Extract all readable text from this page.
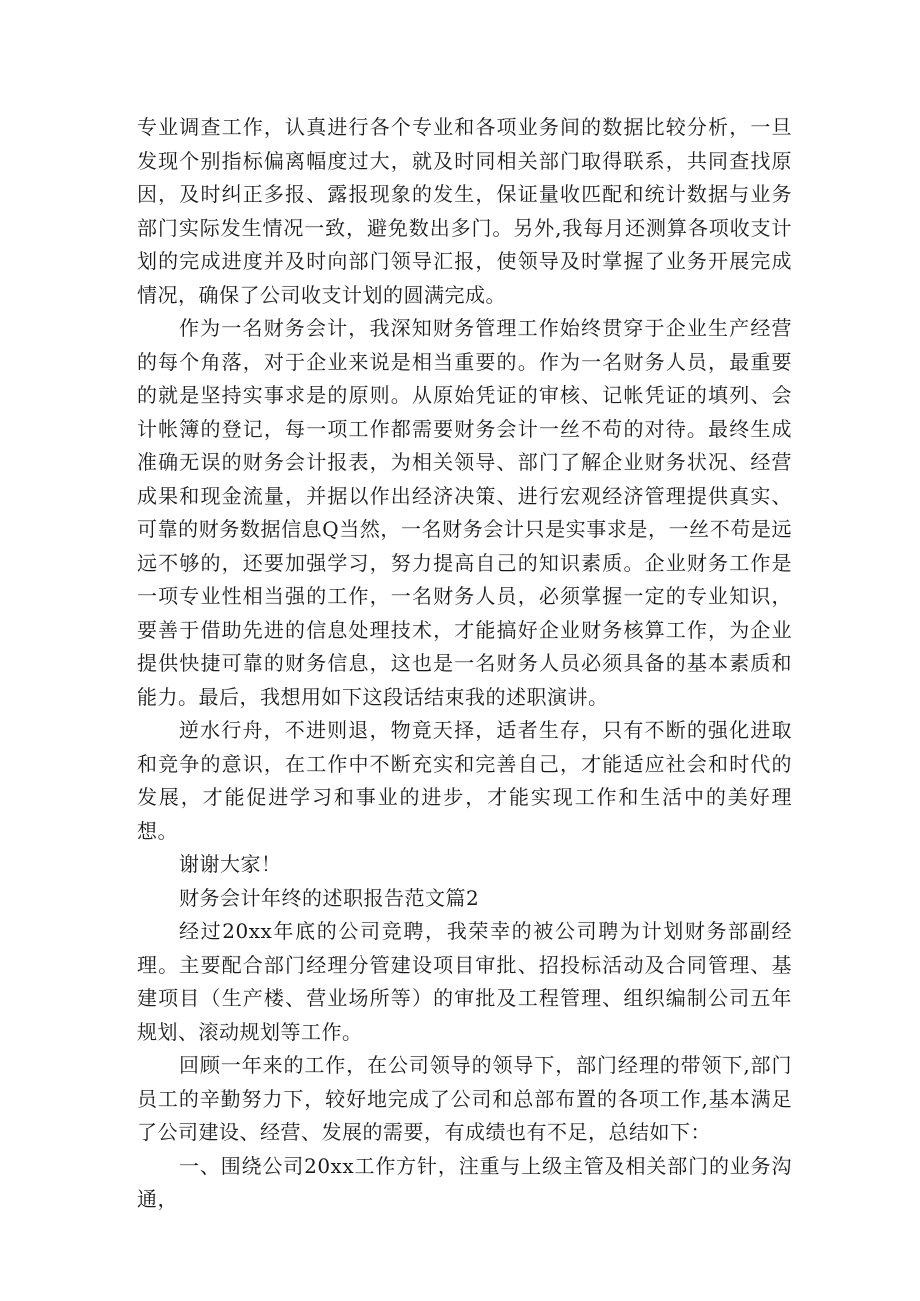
专业调查工作，认真进行各个专业和各项业务间的数据比较分析，一旦发现个别指标偏离幅度过大，就及时同相关部门取得联系，共同查找原因，及时纠正多报、露报现象的发生，保证量收匹配和统计数据与业务部门实际发生情况一致，避免数出多门。另外,我每月还测算各项收支计划的完成进度并及时向部门领导汇报，使领导及时掌握了业务开展完成情况，确保了公司收支计划的圆满完成。

作为一名财务会计，我深知财务管理工作始终贯穿于企业生产经营的每个角落，对于企业来说是相当重要的。作为一名财务人员，最重要的就是坚持实事求是的原则。从原始凭证的审核、记帐凭证的填列、会计帐簿的登记，每一项工作都需要财务会计一丝不苟的对待。最终生成准确无误的财务会计报表，为相关领导、部门了解企业财务状况、经营成果和现金流量，并据以作出经济决策、进行宏观经济管理提供真实、可靠的财务数据信息Q当然，一名财务会计只是实事求是，一丝不苟是远远不够的，还要加强学习，努力提高自己的知识素质。企业财务工作是一项专业性相当强的工作，一名财务人员，必须掌握一定的专业知识，要善于借助先进的信息处理技术，才能搞好企业财务核算工作，为企业提供快捷可靠的财务信息，这也是一名财务人员必须具备的基本素质和能力。最后，我想用如下这段话结束我的述职演讲。

逆水行舟，不进则退，物竟天择，适者生存，只有不断的强化进取和竞争的意识，在工作中不断充实和完善自己，才能适应社会和时代的发展，才能促进学习和事业的进步，才能实现工作和生活中的美好理想。

谢谢大家！

财务会计年终的述职报告范文篇2

经过20xx年底的公司竞聘，我荣幸的被公司聘为计划财务部副经理。主要配合部门经理分管建设项目审批、招投标活动及合同管理、基建项目（生产楼、营业场所等）的审批及工程管理、组织编制公司五年规划、滚动规划等工作。

回顾一年来的工作，在公司领导的领导下，部门经理的带领下,部门员工的辛勤努力下，较好地完成了公司和总部布置的各项工作,基本满足了公司建设、经营、发展的需要，有成绩也有不足，总结如下：

一、围绕公司20xx工作方针，注重与上级主管及相关部门的业务沟通，
